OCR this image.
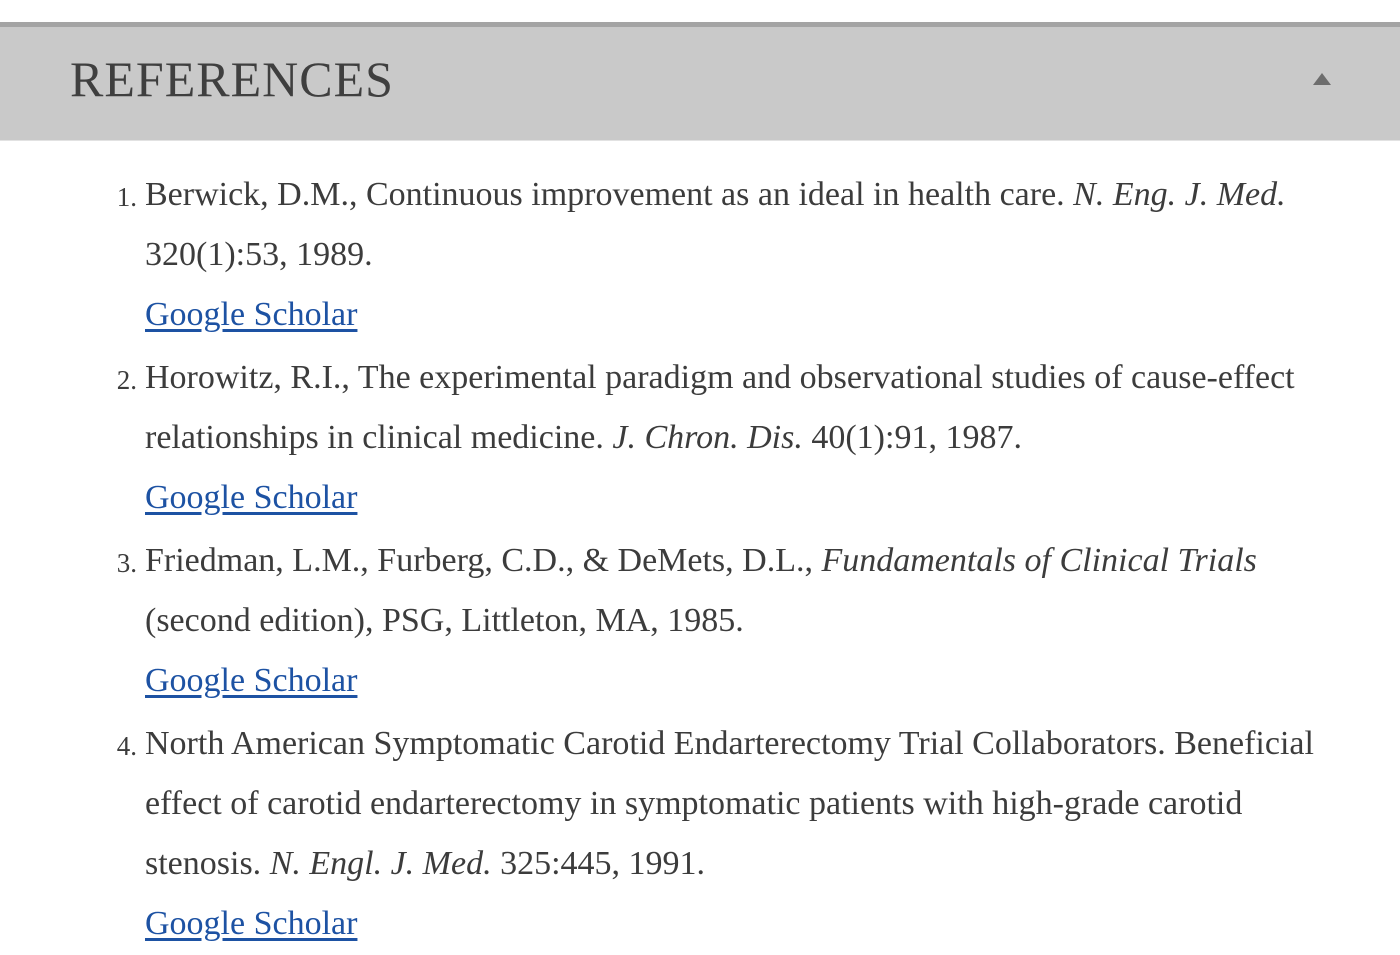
REFERENCES
1. Berwick, D.M., Continuous improvement as an ideal in health care. N. Eng. J. Med. 320(1):53, 1989.

Google Scholar
2. Horowitz, R.I., The experimental paradigm and observational studies of cause-effect relationships in clinical medicine. J. Chron. Dis. 40(1):91, 1987.

Google Scholar
3. Friedman, L.M., Furberg, C.D., & DeMets, D.L., Fundamentals of Clinical Trials (second edition), PSG, Littleton, MA, 1985.

Google Scholar
4. North American Symptomatic Carotid Endarterectomy Trial Collaborators. Beneficial effect of carotid endarterectomy in symptomatic patients with high-grade carotid stenosis. N. Engl. J. Med. 325:445, 1991.

Google Scholar
